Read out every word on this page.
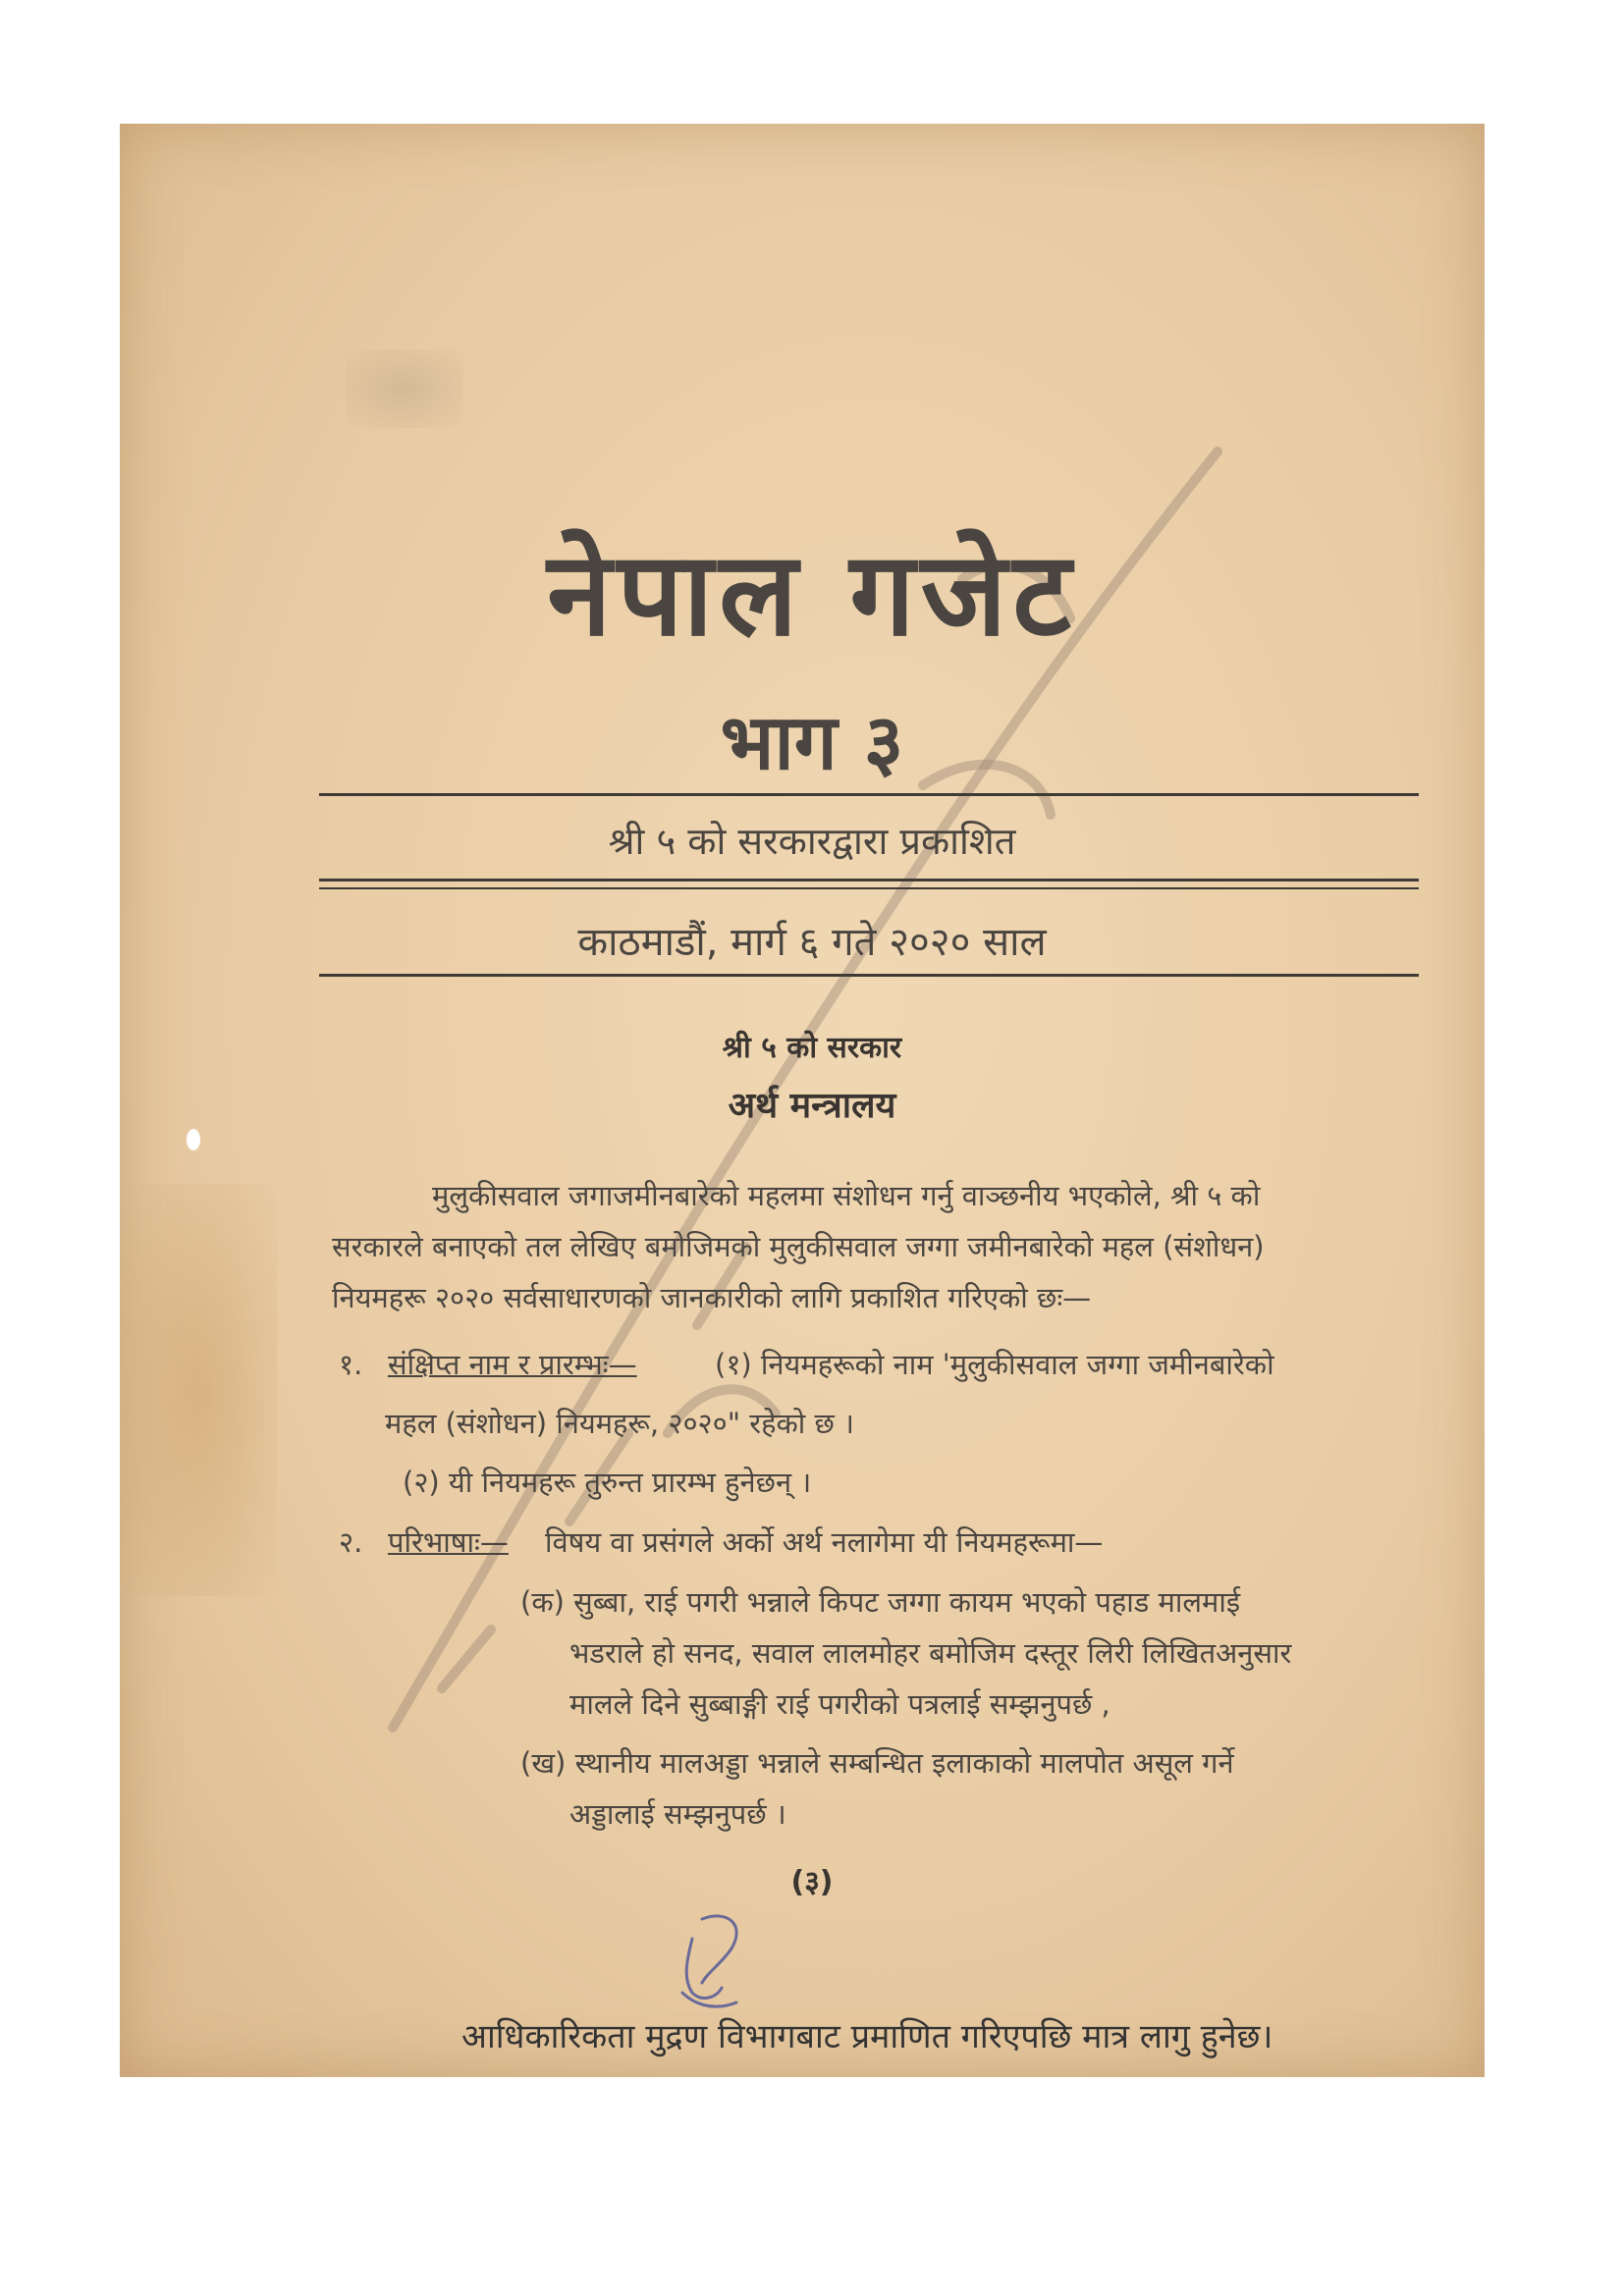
नेपाल गजेट
भाग ३
श्री ५ को सरकारद्वारा प्रकाशित
काठमाडौं, मार्ग ६ गते २०२० साल
श्री ५ को सरकार
अर्थ मन्त्रालय
मुलुकीसवाल जगाजमीनबारेको महलमा संशोधन गर्नु वाञ्छनीय भएकोले, श्री ५ को
सरकारले बनाएको तल लेखिए बमोजिमको मुलुकीसवाल जग्गा जमीनबारेको महल (संशोधन)
नियमहरू २०२० सर्वसाधारणको जानकारीको लागि प्रकाशित गरिएको छः—
१. संक्षिप्त नाम र प्रारम्भः—	(१) नियमहरूको नाम 'मुलुकीसवाल जग्गा जमीनबारेको
महल (संशोधन) नियमहरू, २०२०" रहेको छ ।
(२) यी नियमहरू तुरुन्त प्रारम्भ हुनेछन् ।
२. परिभाषाः— विषय वा प्रसंगले अर्को अर्थ नलागेमा यी नियमहरूमा—
(क) सुब्बा, राई पगरी भन्नाले किपट जग्गा कायम भएको पहाड मालमाई
भडराले हो सनद, सवाल लालमोहर बमोजिम दस्तूर लिरी लिखितअनुसार
मालले दिने सुब्बाङ्गी राई पगरीको पत्रलाई सम्झनुपर्छ ,
(ख) स्थानीय मालअड्डा भन्नाले सम्बन्धित इलाकाको मालपोत असूल गर्ने
अड्डालाई सम्झनुपर्छ ।
(३)
आधिकारिकता मुद्रण विभागबाट प्रमाणित गरिएपछि मात्र लागु हुनेछ।
